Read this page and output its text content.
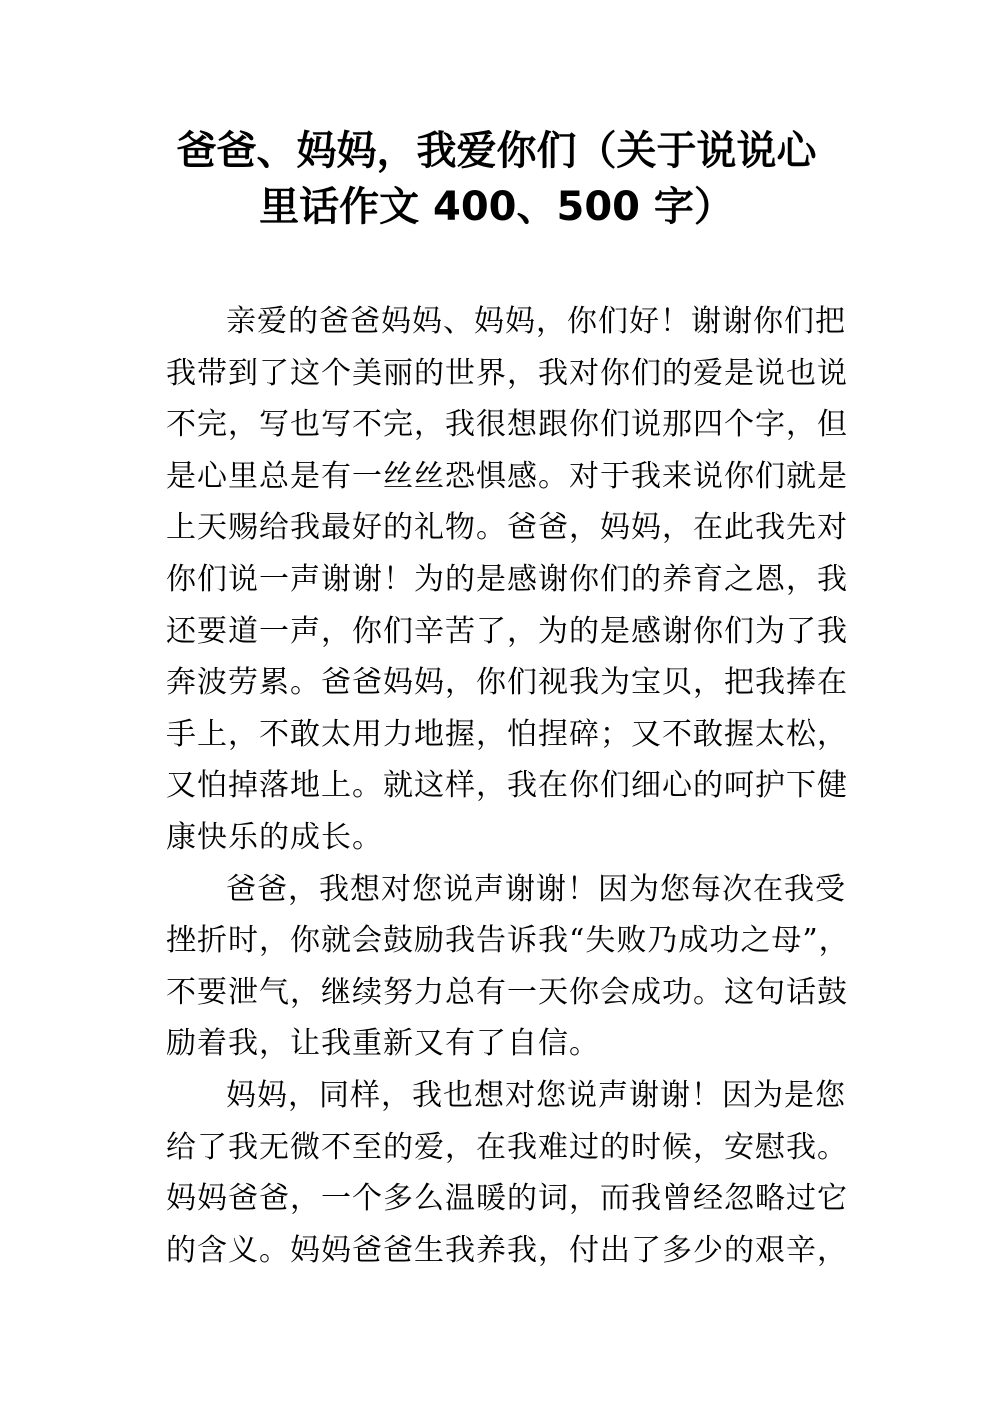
爸爸、妈妈，我爱你们（关于说说心
里话作文 400、500 字）
亲爱的爸爸妈妈、妈妈，你们好！谢谢你们把
我带到了这个美丽的世界，我对你们的爱是说也说
不完，写也写不完，我很想跟你们说那四个字，但
是心里总是有一丝丝恐惧感。对于我来说你们就是
上天赐给我最好的礼物。爸爸，妈妈，在此我先对
你们说一声谢谢！为的是感谢你们的养育之恩，我
还要道一声，你们辛苦了，为的是感谢你们为了我
奔波劳累。爸爸妈妈，你们视我为宝贝，把我捧在
手上，不敢太用力地握，怕捏碎；又不敢握太松，
又怕掉落地上。就这样，我在你们细心的呵护下健
康快乐的成长。
爸爸，我想对您说声谢谢！因为您每次在我受
挫折时，你就会鼓励我告诉我“失败乃成功之母”，
不要泄气，继续努力总有一天你会成功。这句话鼓
励着我，让我重新又有了自信。
妈妈，同样，我也想对您说声谢谢！因为是您
给了我无微不至的爱，在我难过的时候，安慰我。
妈妈爸爸，一个多么温暖的词，而我曾经忽略过它
的含义。妈妈爸爸生我养我，付出了多少的艰辛，
